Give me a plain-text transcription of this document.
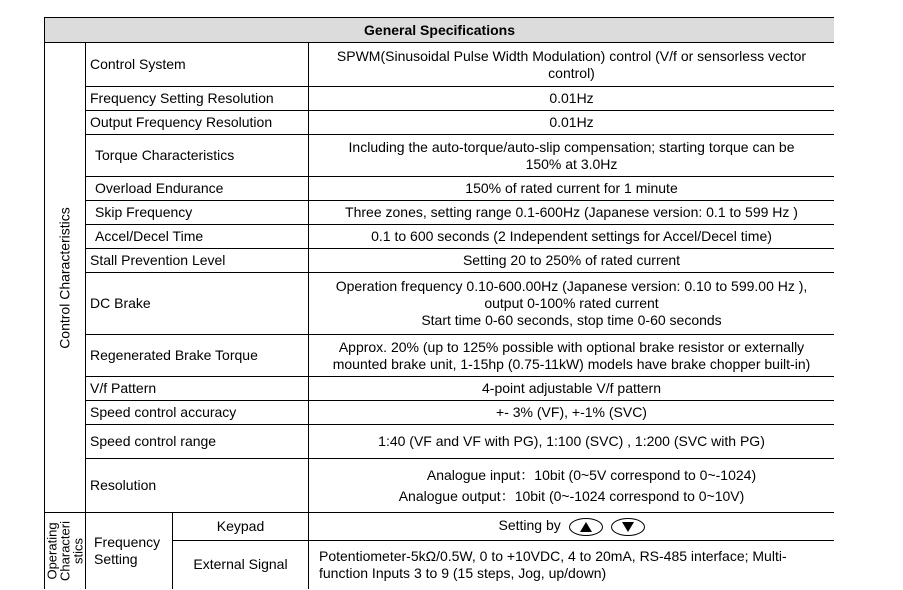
General Specifications			

Control Characteristics	Control System		SPWM(Sinusoidal Pulse Width Modulation) control (V/f or sensorless vector
control)

	Frequency Setting Resolution		0.01Hz
	Output Frequency Resolution		0.01Hz
	Torque Characteristics		Including the auto-torque/auto-slip compensation; starting torque can be
150% at 3.0Hz

	Overload Endurance		150% of rated current for 1 minute
	Skip Frequency		Three zones, setting range 0.1-600Hz (Japanese version: 0.1 to 599 Hz )
	Accel/Decel Time		0.1 to 600 seconds (2 Independent settings for Accel/Decel time)
	Stall Prevention Level		Setting 20 to 250% of rated current
	DC Brake		Operation frequency 0.10-600.00Hz (Japanese version: 0.10 to 599.00 Hz ),
output 0-100% rated current
Start time 0-60 seconds, stop time 0-60 seconds

	Regenerated Brake Torque		Approx. 20% (up to 125% possible with optional brake resistor or externally
mounted brake unit, 1-15hp (0.75-11kW) models have brake chopper built-in)

	V/f Pattern		4-point adjustable V/f pattern
	Speed control accuracy		+- 3% (VF), +-1% (SVC)
	Speed control range		1:40 (VF and VF with PG), 1:100 (SVC) , 1:200 (SVC with PG)
	Resolution		Analogue input：10bit (0~5V correspond to 0~-1024)
Analogue output：10bit (0~-1024 correspond to 0~10V)

Operating
Characteri
stics	Frequency
Setting	Keypad	Setting by

		External Signal	Potentiometer-5kΩ/0.5W, 0 to +10VDC, 4 to 20mA, RS-485 interface; Multi-
function Inputs 3 to 9 (15 steps, Jog, up/down)
